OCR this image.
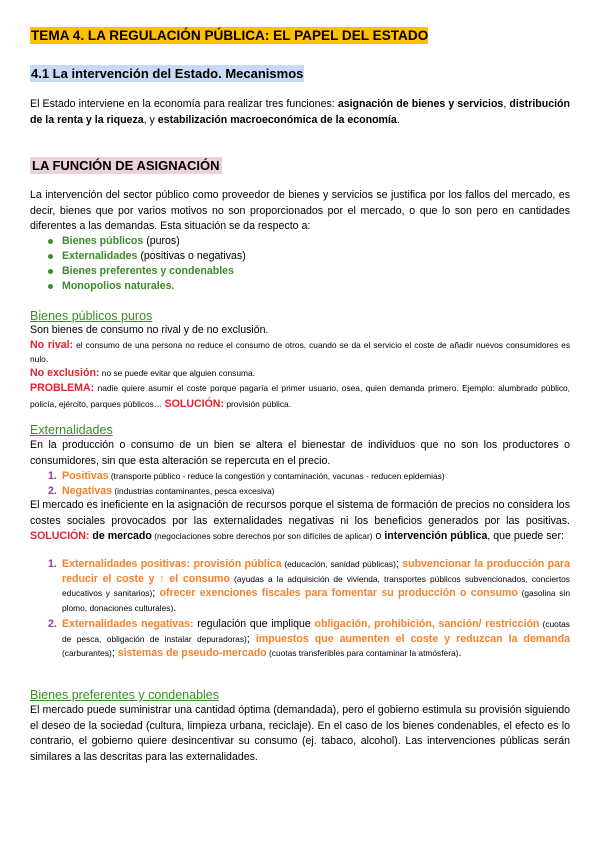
TEMA 4. LA REGULACIÓN PÚBLICA: EL PAPEL DEL ESTADO
4.1 La intervención del Estado. Mecanismos
El Estado interviene en la economía para realizar tres funciones: asignación de bienes y servicios, distribución de la renta y la riqueza, y estabilización macroeconómica de la economía.
LA FUNCIÓN DE ASIGNACIÓN
La intervención del sector público como proveedor de bienes y servicios se justifica por los fallos del mercado, es decir, bienes que por varios motivos no son proporcionados por el mercado, o que lo son pero en cantidades diferentes a las demandas. Esta situación se da respecto a:
Bienes públicos (puros)
Externalidades (positivas o negativas)
Bienes preferentes y condenables
Monopolios naturales.
Bienes públicos puros
Son bienes de consumo no rival y de no exclusión.
No rival: el consumo de una persona no reduce el consumo de otros, cuando se da el servicio el coste de añadir nuevos consumidores es nulo.
No exclusión: no se puede evitar que alguien consuma.
PROBLEMA: nadie quiere asumir el coste porque pagaría el primer usuario, osea, quien demanda primero. Ejemplo: alumbrado público, policía, ejército, parques públicos… SOLUCIÓN: provisión pública.
Externalidades
En la producción o consumo de un bien se altera el bienestar de individuos que no son los productores o consumidores, sin que esta alteración se repercuta en el precio.
1. Positivas (transporte público - reduce la congestión y contaminación, vacunas - reducen epidemias)
2. Negativas (industrias contaminantes, pesca excesiva)
El mercado es ineficiente en la asignación de recursos porque el sistema de formación de precios no considera los costes sociales provocados por las externalidades negativas ni los beneficios generados por las positivas. SOLUCIÓN: de mercado (negociaciones sobre derechos por son difíciles de aplicar) o intervención pública, que puede ser:
1. Externalidades positivas: provisión pública (educación, sanidad públicas); subvencionar la producción para reducir el coste y ↑ el consumo (ayudas a la adquisición de vivienda, transportes públicos subvencionados, conciertos educativos y sanitarios); ofrecer exenciones fiscales para fomentar su producción o consumo (gasolina sin plomo, donaciones culturales).
2. Externalidades negativas: regulación que implique obligación, prohibición, sanción/ restricción (cuotas de pesca, obligación de instalar depuradoras); impuestos que aumenten el coste y reduzcan la demanda (carburantes); sistemas de pseudo-mercado (cuotas transferibles para contaminar la atmósfera).
Bienes preferentes y condenables
El mercado puede suministrar una cantidad óptima (demandada), pero el gobierno estimula su provisión siguiendo el deseo de la sociedad (cultura, limpieza urbana, reciclaje). En el caso de los bienes condenables, el efecto es lo contrario, el gobierno quiere desincentivar su consumo (ej. tabaco, alcohol). Las intervenciones públicas serán similares a las descritas para las externalidades.
